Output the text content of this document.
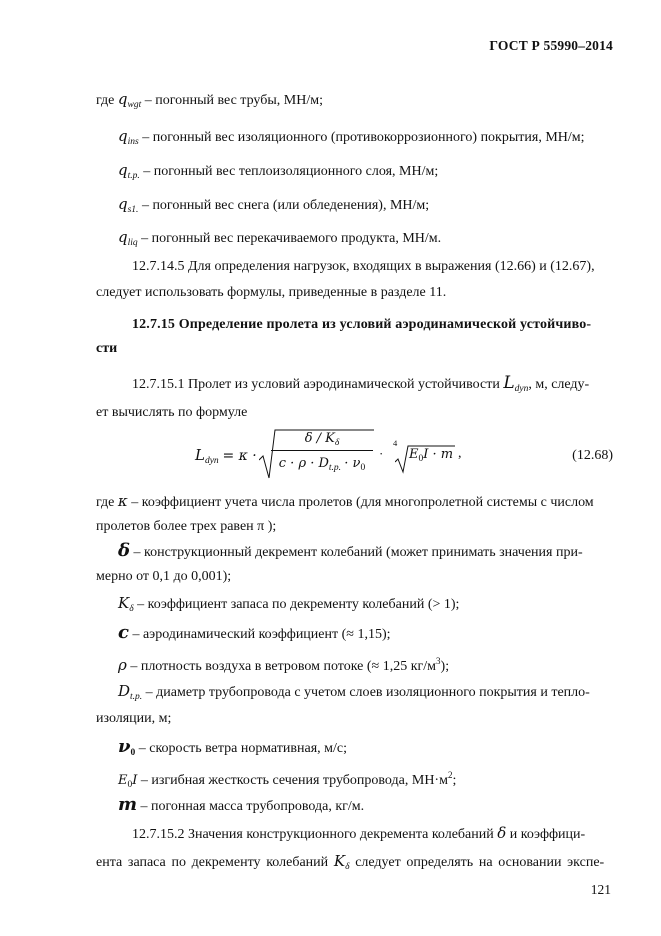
ГОСТ Р 55990–2014
где $q_{wgt}$ – погонный вес трубы, МН/м;
$q_{ins}$ – погонный вес изоляционного (противокоррозионного) покрытия, МН/м;
$q_{t.p.}$ – погонный вес теплоизоляционного слоя, МН/м;
$q_{s1.}$ – погонный вес снега (или обледенения), МН/м;
$q_{liq}$ – погонный вес перекачиваемого продукта, МН/м.
12.7.14.5 Для определения нагрузок, входящих в выражения (12.66) и (12.67),
следует использовать формулы, приведенные в разделе 11.
12.7.15 Определение пролета из условий аэродинамической устойчиво-
сти
12.7.15.1 Пролет из условий аэродинамической устойчивости $L_{dyn}$, м, следу-
ет вычислять по формуле
$L_{dyn} = \kappa$ ·
δ / $K_\delta$
$c \cdot \rho \cdot D_{t.p.} \cdot \nu_0$
·
4
$E_0I \cdot m$ ,	(12.68)
где κ – коэффициент учета числа пролетов (для многопролетной системы с числом
пролетов более трех равен π );
δ – конструкционный декремент колебаний (может принимать значения при-
мерно от 0,1 до 0,001);
$K_\delta$ – коэффициент запаса по декременту колебаний (> 1);
c – аэродинамический коэффициент (≈ 1,15);
ρ – плотность воздуха в ветровом потоке (≈ 1,25 $кг/м^3$);
$D_{t.p.}$ – диаметр трубопровода с учетом слоев изоляционного покрытия и тепло-
изоляции, м;
$\nu_0$ – скорость ветра нормативная, м/с;
$E_0I$ – изгибная жесткость сечения трубопровода, $МН\cdot м^2$;
m – погонная масса трубопровода, кг/м.
12.7.15.2 Значения конструкционного декремента колебаний δ и коэффици-
ента запаса по декременту колебаний $K_\delta$ следует определять на основании экспе-
121
